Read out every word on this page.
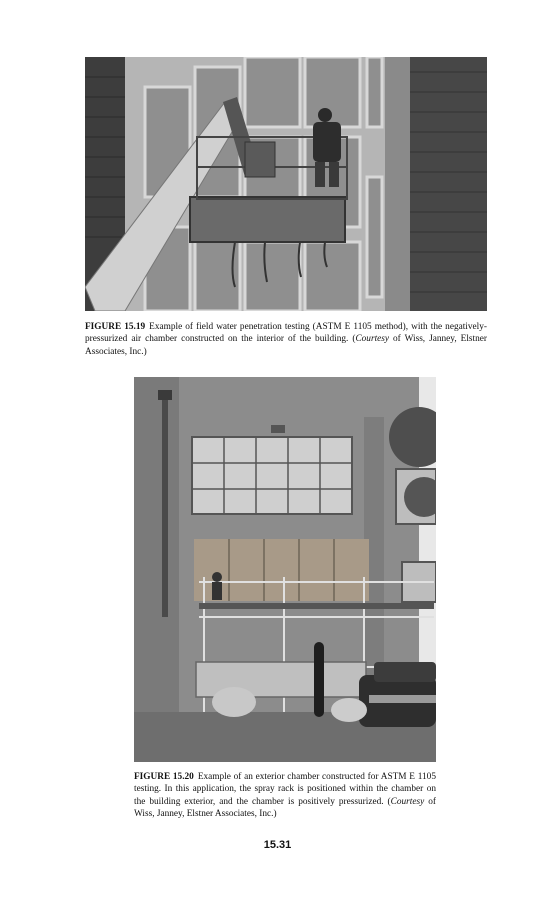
FIGURE 15.19 Example of field water penetration testing (ASTM E 1105 method), with the negatively-pressurized air chamber constructed on the interior of the building. (Courtesy of Wiss, Janney, Elstner Associates, Inc.)

FIGURE 15.20 Example of an exterior chamber constructed for ASTM E 1105 testing. In this application, the spray rack is positioned within the chamber on the building exterior, and the chamber is positively pressurized. (Courtesy of Wiss, Janney, Elstner Associates, Inc.)

15.31
